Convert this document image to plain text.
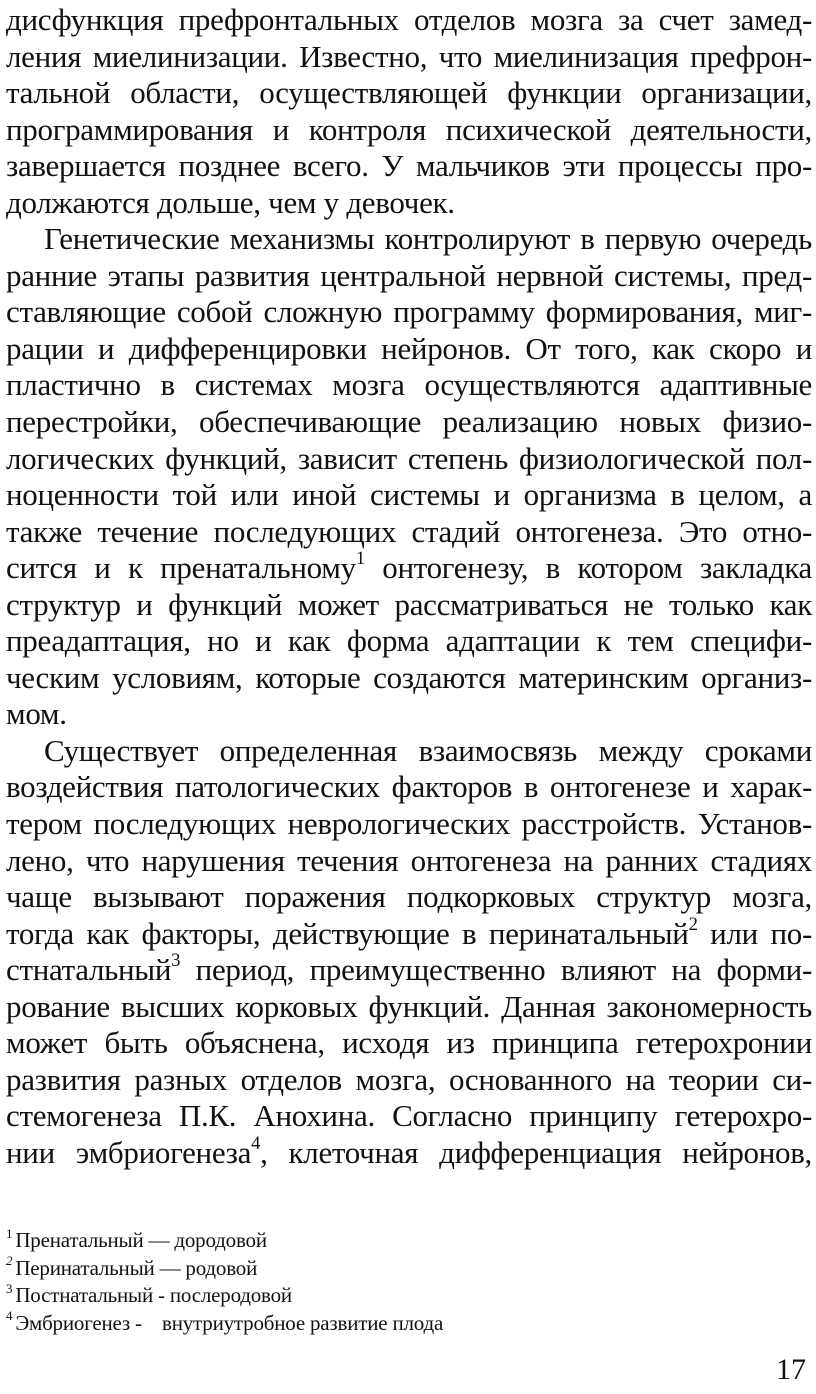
дисфункция префронтальных отделов мозга за счет замед-
ления миелинизации. Известно, что миелинизация префрон-
тальной области, осуществляющей функции организации,
программирования и контроля психической деятельности,
завершается позднее всего. У мальчиков эти процессы про-
должаются дольше, чем у девочек.
Генетические механизмы контролируют в первую очередь
ранние этапы развития центральной нервной системы, пред-
ставляющие собой сложную программу формирования, миг-
рации и дифференцировки нейронов. От того, как скоро и
пластично в системах мозга осуществляются адаптивные
перестройки, обеспечивающие реализацию новых физио-
логических функций, зависит степень физиологической пол-
ноценности той или иной системы и организма в целом, а
также течение последующих стадий онтогенеза. Это отно-
сится и к пренатальному$^1$ онтогенезу, в котором закладка
структур и функций может рассматриваться не только как
преадаптация, но и как форма адаптации к тем специфи-
ческим условиям, которые создаются материнским организ-
мом.
Существует определенная взаимосвязь между сроками
воздействия патологических факторов в онтогенезе и харак-
тером последующих неврологических расстройств. Установ-
лено, что нарушения течения онтогенеза на ранних стадиях
чаще вызывают поражения подкорковых структур мозга,
тогда как факторы, действующие в перинатальный$^2$ или по-
стнатальный$^3$ период, преимущественно влияют на форми-
рование высших корковых функций. Данная закономерность
может быть объяснена, исходя из принципа гетерохронии
развития разных отделов мозга, основанного на теории си-
стемогенеза П.К. Анохина. Согласно принципу гетерохро-
нии эмбриогенеза$^4$, клеточная дифференциация нейронов,
$^1$ Пренатальный — дородовой
$^2$ Перинатальный — родовой
$^3$ Постнатальный - послеродовой
$^4$ Эмбриогенез -    внутриутробное развитие плода
17
